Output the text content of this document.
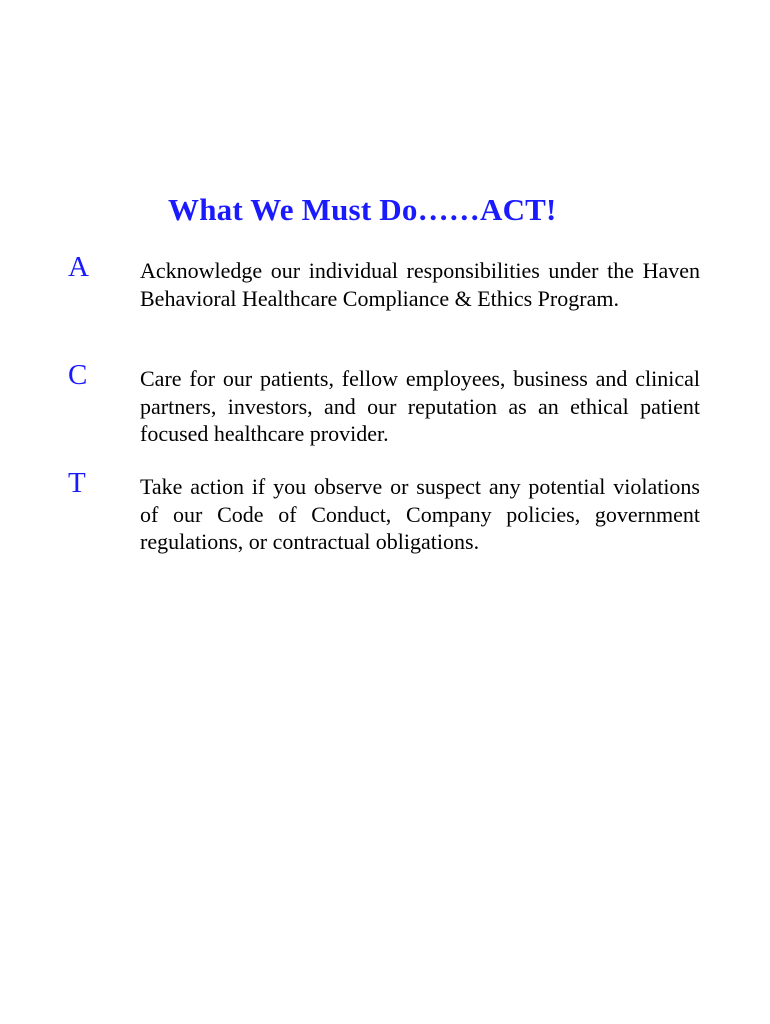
What We Must Do……ACT!
A Acknowledge our individual responsibilities under the Haven Behavioral Healthcare Compliance & Ethics Program.

C Care for our patients, fellow employees, business and clinical partners, investors, and our reputation as an ethical patient focused healthcare provider.

T Take action if you observe or suspect any potential violations of our Code of Conduct, Company policies, government regulations, or contractual obligations.
